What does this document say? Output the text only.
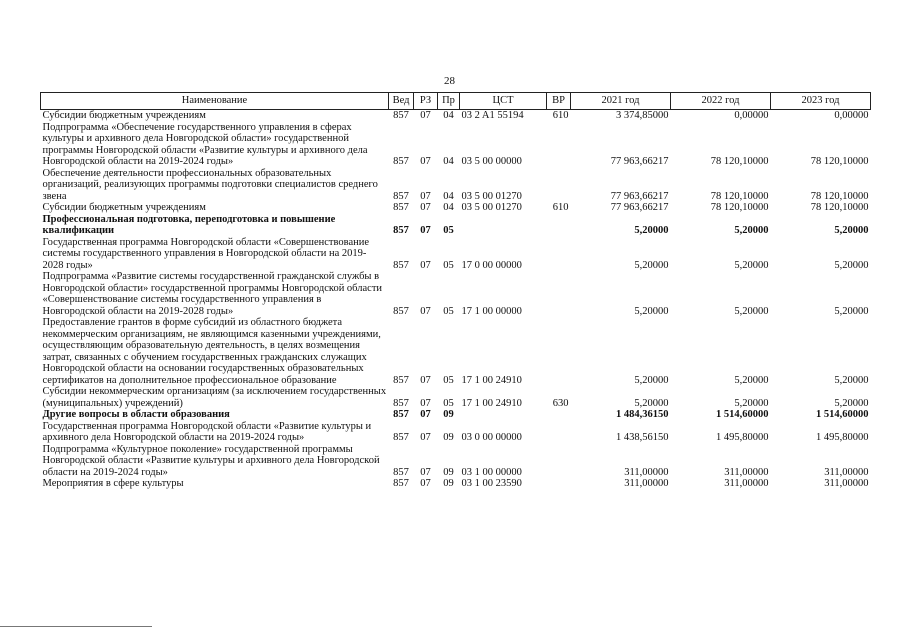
28
Наименование	Вед	РЗ	Пр	ЦСТ	ВР	2021 год	2022 год	2023 год
Субсидии бюджетным учреждениям	857	07	04	03 2 A1 55194	610	3 374,85000	0,00000	0,00000
Подпрограмма «Обеспечение государственного управления в сферах культуры и архивного дела Новгородской области» государственной программы Новгородской области «Развитие культуры и архивного дела Новгородской области на 2019-2024 годы»	857	07	04	03 5 00 00000		77 963,66217	78 120,10000	78 120,10000
Обеспечение деятельности профессиональных образовательных организаций, реализующих программы подготовки специалистов среднего звена	857	07	04	03 5 00 01270		77 963,66217	78 120,10000	78 120,10000
Субсидии бюджетным учреждениям	857	07	04	03 5 00 01270	610	77 963,66217	78 120,10000	78 120,10000
Профессиональная подготовка, переподготовка и повышение квалификации	857	07	05			5,20000	5,20000	5,20000
Государственная программа Новгородской области «Совершенствование системы государственного управления в Новгородской области на 2019-2028 годы»	857	07	05	17 0 00 00000		5,20000	5,20000	5,20000
Подпрограмма «Развитие системы государственной гражданской службы в Новгородской области» государственной программы Новгородской области «Совершенствование системы государственного управления в Новгородской области на 2019-2028 годы»	857	07	05	17 1 00 00000		5,20000	5,20000	5,20000
Предоставление грантов в форме субсидий из областного бюджета некоммерческим организациям, не являющимся казенными учреждениями, осуществляющим образовательную деятельность, в целях возмещения затрат, связанных с обучением государственных гражданских служащих Новгородской области на основании государственных образовательных сертификатов на дополнительное профессиональное образование	857	07	05	17 1 00 24910		5,20000	5,20000	5,20000
Субсидии некоммерческим организациям (за исключением государственных (муниципальных) учреждений)	857	07	05	17 1 00 24910	630	5,20000	5,20000	5,20000
Другие вопросы в области образования	857	07	09			1 484,36150	1 514,60000	1 514,60000
Государственная программа Новгородской области «Развитие культуры и архивного дела Новгородской области на 2019-2024 годы»	857	07	09	03 0 00 00000		1 438,56150	1 495,80000	1 495,80000
Подпрограмма «Культурное поколение» государственной программы Новгородской области «Развитие культуры и архивного дела Новгородской области на 2019-2024 годы»	857	07	09	03 1 00 00000		311,00000	311,00000	311,00000
Мероприятия в сфере культуры	857	07	09	03 1 00 23590		311,00000	311,00000	311,00000
